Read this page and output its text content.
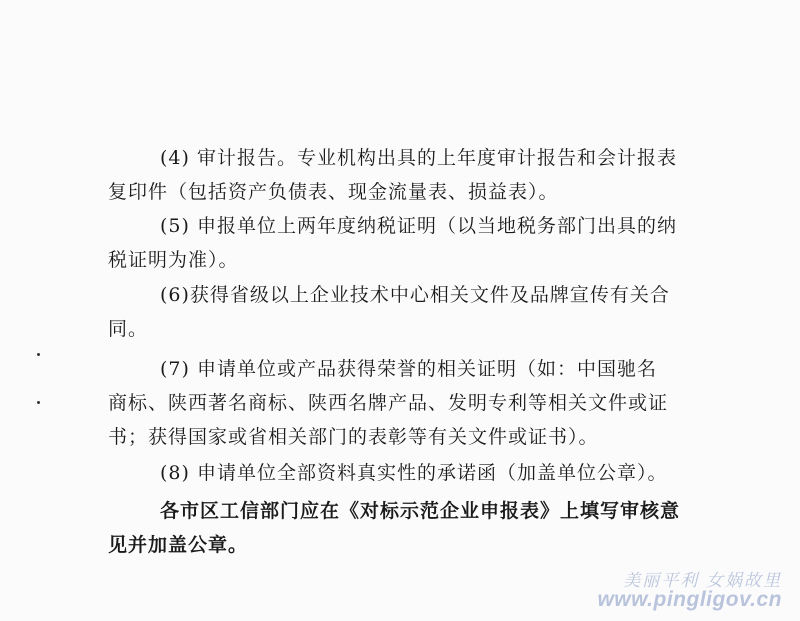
(4) 审计报告。专业机构出具的上年度审计报告和会计报表
复印件（包括资产负债表、现金流量表、损益表）。
(5) 申报单位上两年度纳税证明（以当地税务部门出具的纳
税证明为准）。
(6)获得省级以上企业技术中心相关文件及品牌宣传有关合
同。
(7) 申请单位或产品获得荣誉的相关证明（如：中国驰名
商标、陕西著名商标、陕西名牌产品、发明专利等相关文件或证
书；获得国家或省相关部门的表彰等有关文件或证书）。
(8) 申请单位全部资料真实性的承诺函（加盖单位公章）。
各市区工信部门应在《对标示范企业申报表》上填写审核意
见并加盖公章。
美丽平利 女娲故里
www.pingligov.cn
